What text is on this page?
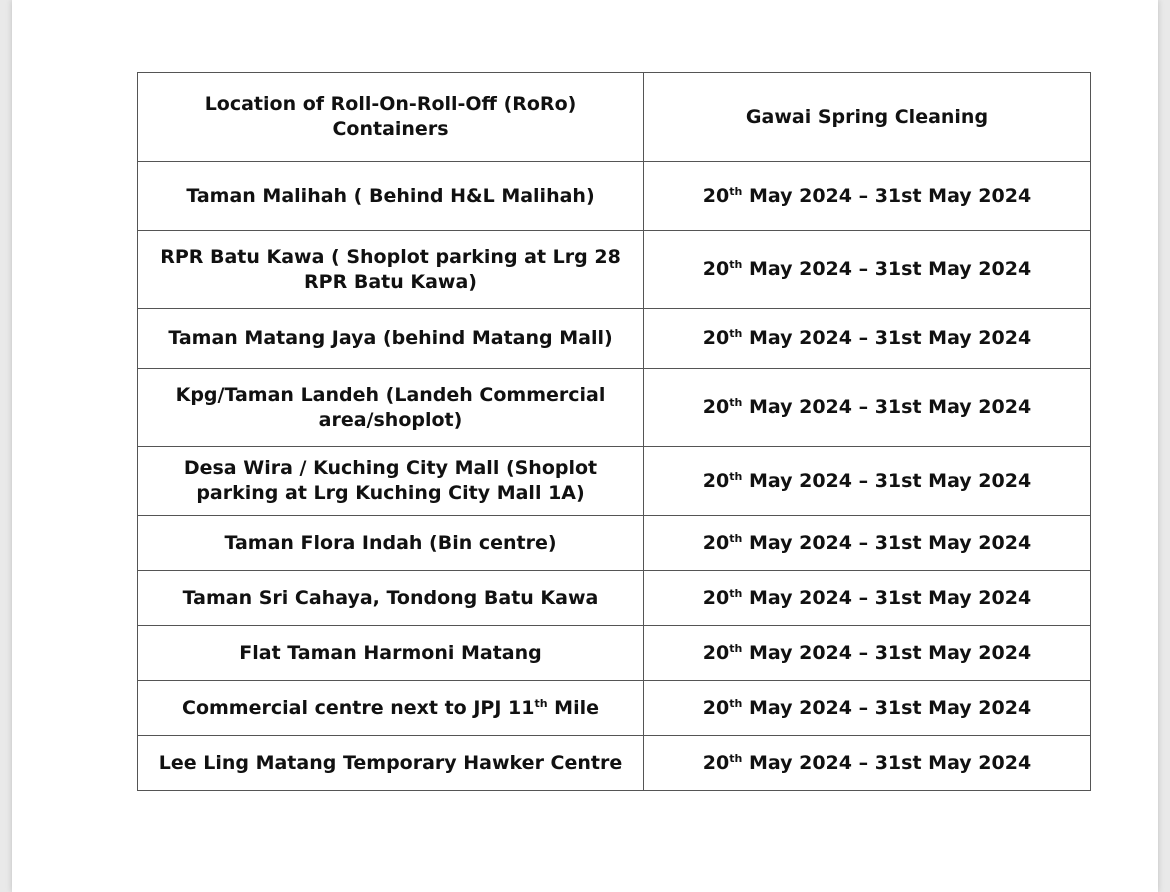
Location of Roll-On-Roll-Off (RoRo) Containers	Gawai Spring Cleaning
Taman Malihah ( Behind H&L Malihah)	20th May 2024 – 31st May 2024
RPR Batu Kawa ( Shoplot parking at Lrg 28 RPR Batu Kawa)	20th May 2024 – 31st May 2024
Taman Matang Jaya (behind Matang Mall)	20th May 2024 – 31st May 2024
Kpg/Taman Landeh (Landeh Commercial area/shoplot)	20th May 2024 – 31st May 2024
Desa Wira / Kuching City Mall (Shoplot parking at Lrg Kuching City Mall 1A)	20th May 2024 – 31st May 2024
Taman Flora Indah (Bin centre)	20th May 2024 – 31st May 2024
Taman Sri Cahaya, Tondong Batu Kawa	20th May 2024 – 31st May 2024
Flat Taman Harmoni Matang	20th May 2024 – 31st May 2024
Commercial centre next to JPJ 11th Mile	20th May 2024 – 31st May 2024
Lee Ling Matang Temporary Hawker Centre	20th May 2024 – 31st May 2024
